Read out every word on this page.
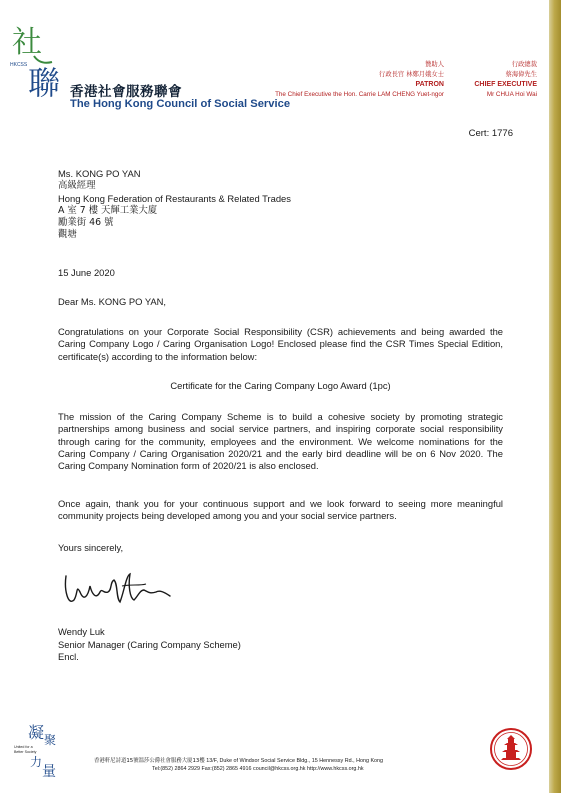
社
HKCSS 聯 香港社會服務聯會
The Hong Kong Council of Social Service
贊助人
行政長官 林鄭月娥女士
PATRON
The Chief Executive the Hon. Carrie LAM CHENG Yuet-ngor
行政總裁
蔡海偉先生
CHIEF EXECUTIVE
Mr CHUA Hoi Wai
Cert: 1776
Ms. KONG PO YAN
高級經理
Hong Kong Federation of Restaurants & Related Trades
A 室 7 樓 天輝工業大廈
勵業街 46 號
觀塘
15 June 2020
Dear Ms. KONG PO YAN,
Congratulations on your Corporate Social Responsibility (CSR) achievements and being awarded the Caring Company Logo / Caring Organisation Logo! Enclosed please find the CSR Times Special Edition, certificate(s) according to the information below:
Certificate for the Caring Company Logo Award (1pc)
The mission of the Caring Company Scheme is to build a cohesive society by promoting strategic partnerships among business and social service partners, and inspiring corporate social responsibility through caring for the community, employees and the environment. We welcome nominations for the Caring Company / Caring Organisation 2020/21 and the early bird deadline will be on 6 Nov 2020. The Caring Company Nomination form of 2020/21 is also enclosed.
Once again, thank you for your continuous support and we look forward to seeing more meaningful community projects being developed among you and your social service partners.
Yours sincerely,
Wendy Luk
Senior Manager (Caring Company Scheme)
Encl.
凝 聚
力
量
United for a
Better Society
香港軒尼詩道15號溫莎公爵社會服務大廈13樓 13/F, Duke of Windsor Social Service Bldg., 15 Hennessy Rd., Hong Kong
Tel:(852) 2864 2929 Fax:(852) 2865 4916 council@hkcss.org.hk http://www.hkcss.org.hk
